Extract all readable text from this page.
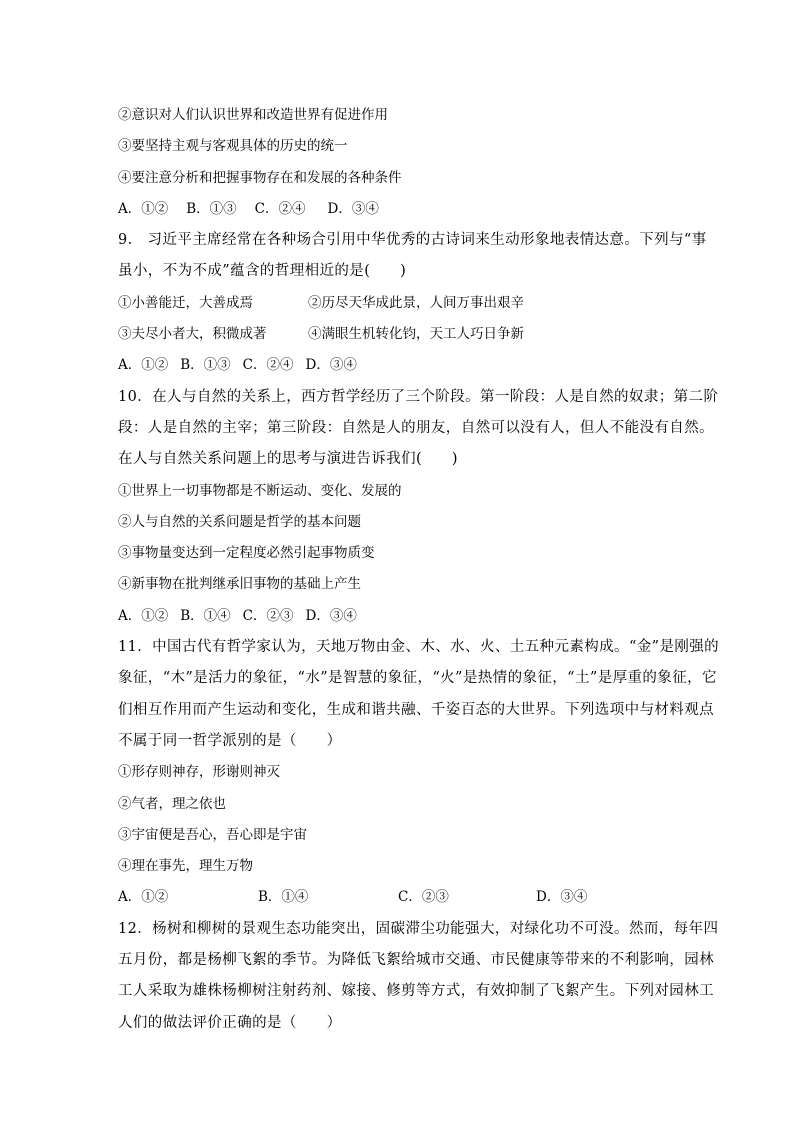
②意识对人们认识世界和改造世界有促进作用
③要坚持主观与客观具体的历史的统一
④要注意分析和把握事物存在和发展的各种条件
A．①② B．①③ C．②④ D．③④
9.　习近平主席经常在各种场合引用中华优秀的古诗词来生动形象地表情达意。下列与“事
虽小，不为不成”蕴含的哲理相近的是(　　)
①小善能迁，大善成焉	②历尽天华成此景，人间万事出艰辛
③夫尽小者大，积微成著	④满眼生机转化钧，天工人巧日争新
A．①② B．①③ C．②④ D．③④
10．在人与自然的关系上，西方哲学经历了三个阶段。第一阶段：人是自然的奴隶；第二阶
段：人是自然的主宰；第三阶段：自然是人的朋友，自然可以没有人，但人不能没有自然。
在人与自然关系问题上的思考与演进告诉我们(　　)
①世界上一切事物都是不断运动、变化、发展的
②人与自然的关系问题是哲学的基本问题
③事物量变达到一定程度必然引起事物质变
④新事物在批判继承旧事物的基础上产生
A．①② B．①④ C．②③ D．③④
11．中国古代有哲学家认为，天地万物由金、木、水、火、土五种元素构成。“金”是刚强的
象征，“木”是活力的象征，“水”是智慧的象征，“火”是热情的象征，“土”是厚重的象征，它
们相互作用而产生运动和变化，生成和谐共融、千姿百态的大世界。下列选项中与材料观点
不属于同一哲学派别的是（　　）
①形存则神存，形谢则神灭
②气者，理之依也
③宇宙便是吾心，吾心即是宇宙
④理在事先，理生万物
A．①②	B．①④	C．②③	D．③④
12．杨树和柳树的景观生态功能突出，固碳滞尘功能强大，对绿化功不可没。然而，每年四
五月份，都是杨柳飞絮的季节。为降低飞絮给城市交通、市民健康等带来的不利影响，园林
工人采取为雄株杨柳树注射药剂、嫁接、修剪等方式，有效抑制了飞絮产生。下列对园林工
人们的做法评价正确的是（　　）
